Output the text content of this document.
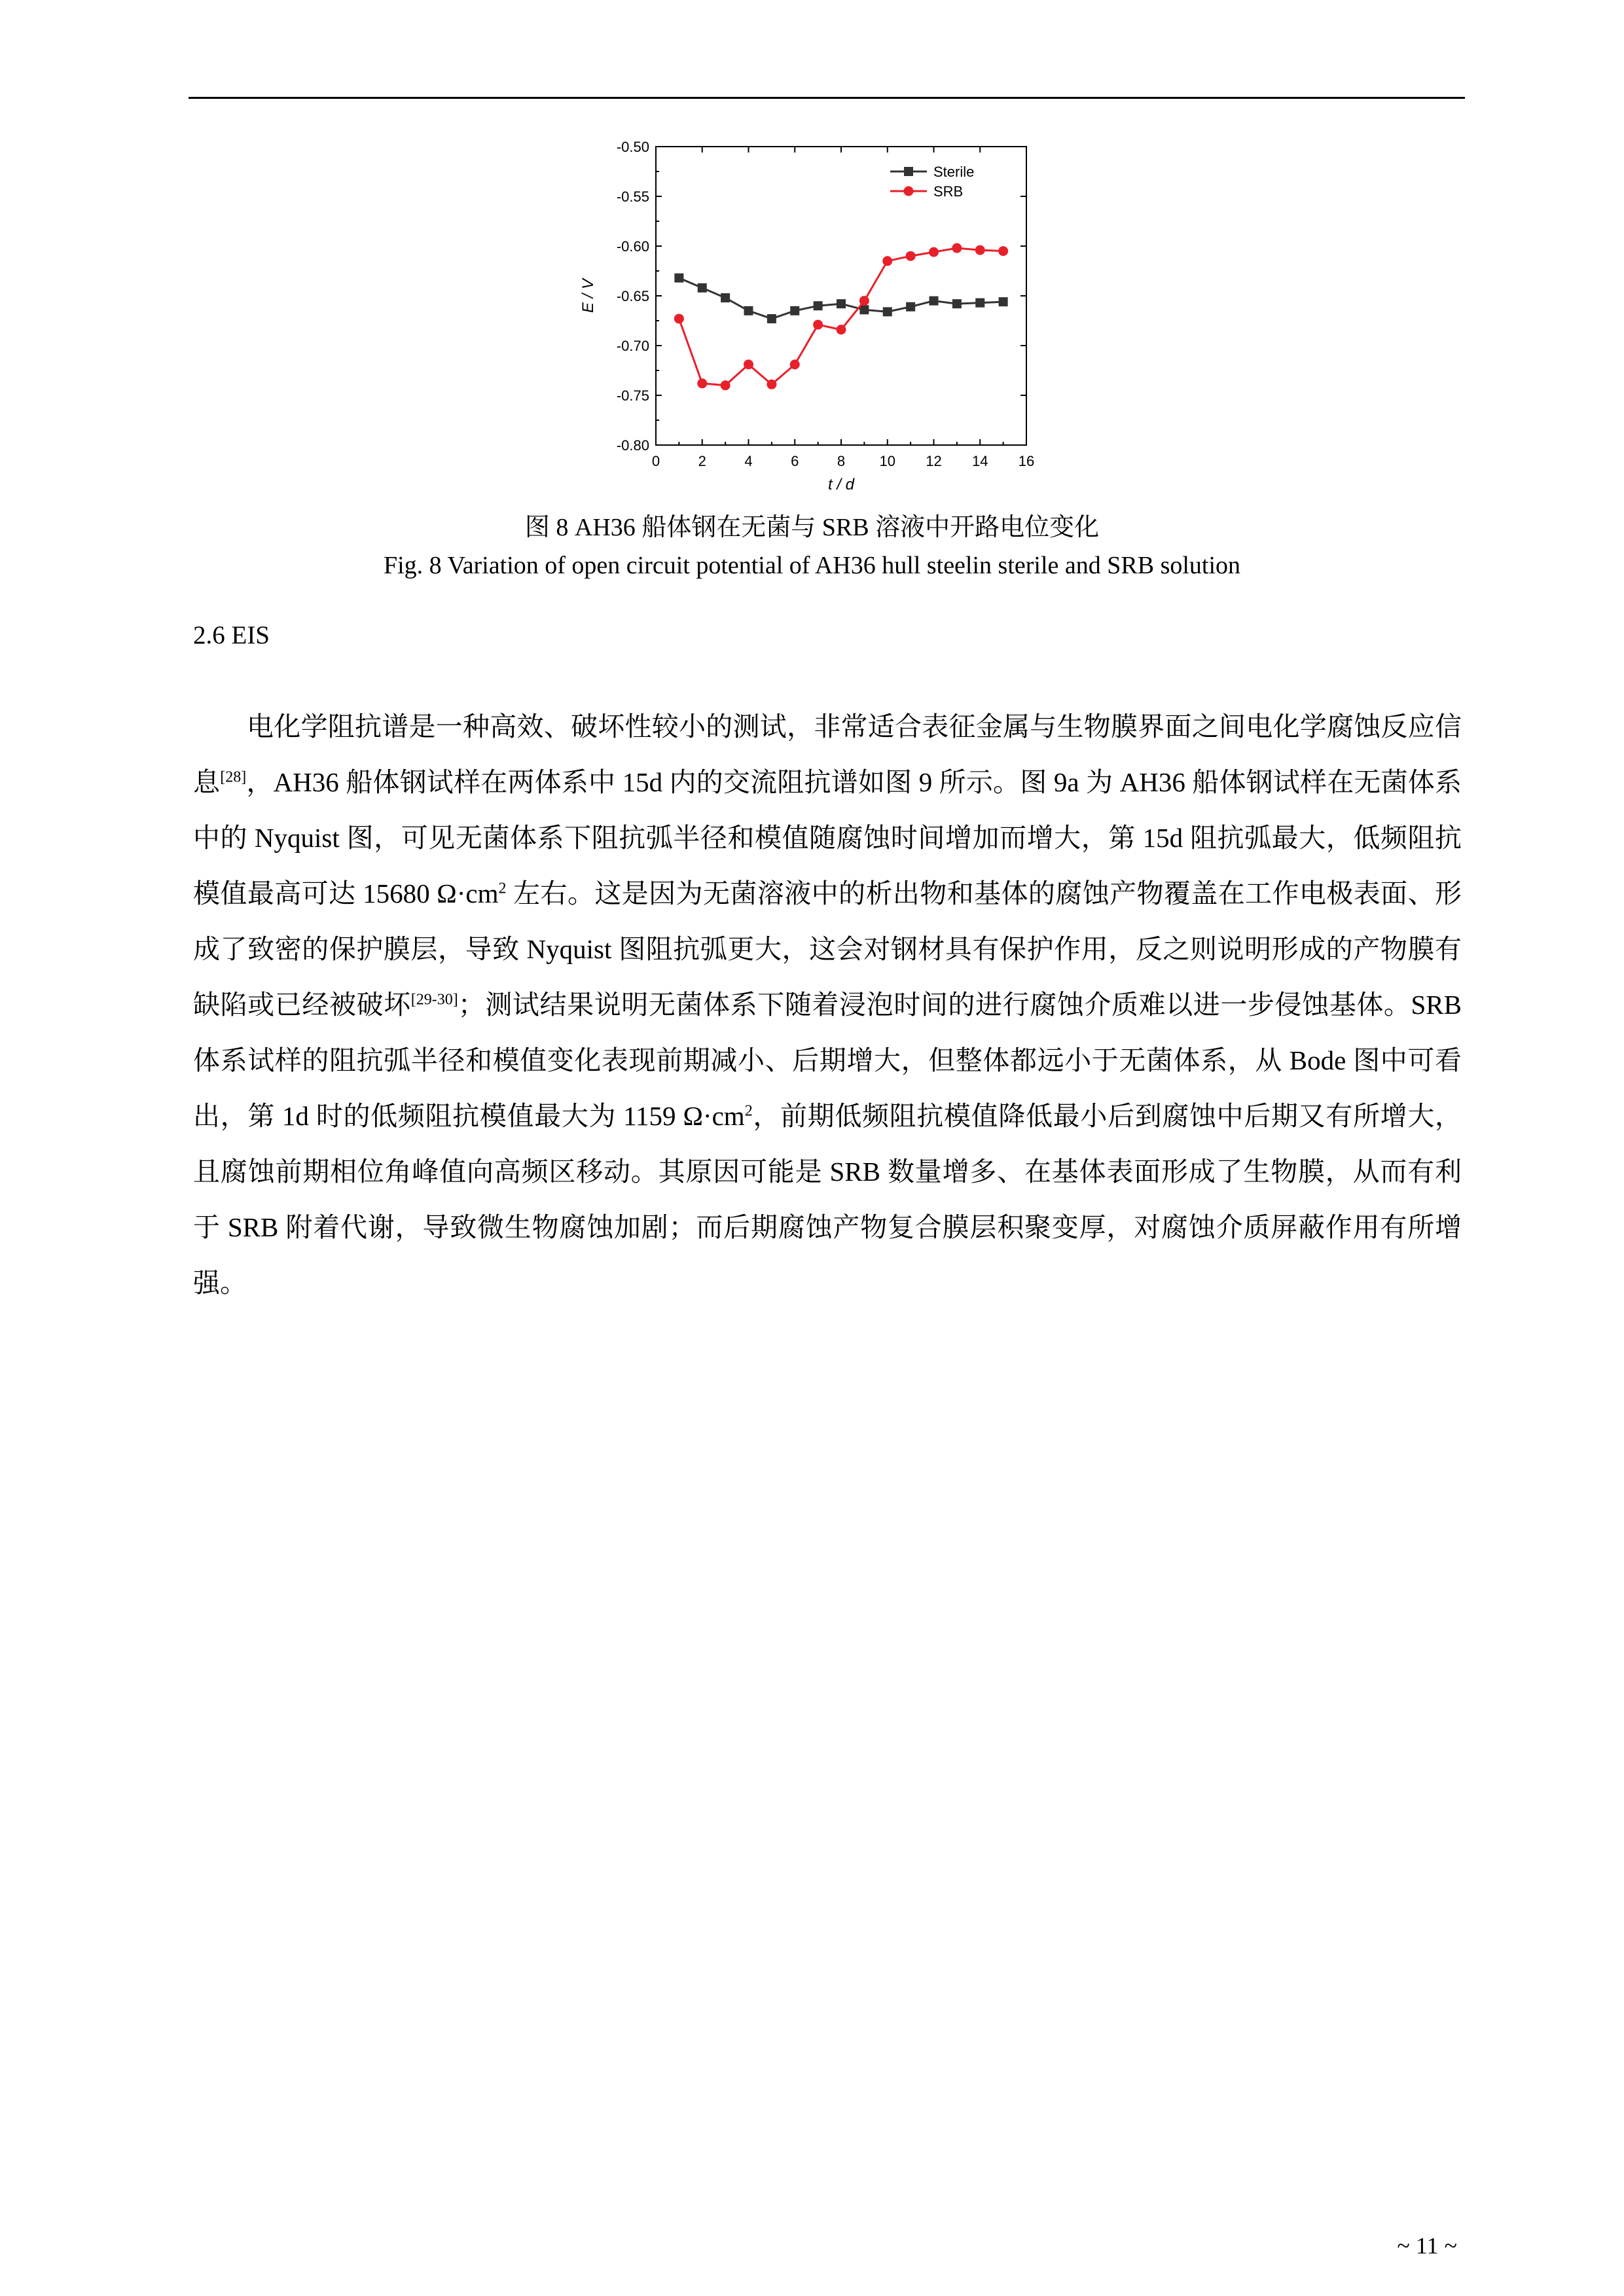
0	2	4	6	8 10 12 14 16
-0.50
-0.55
-0.60
-0.65
-0.70
-0.75
-0.80
t / d
E / V
Sterile
SRB
图 8 AH36 船体钢在无菌与 SRB 溶液中开路电位变化
Fig. 8 Variation of open circuit potential of AH36 hull steelin sterile and SRB solution
2.6 EIS

电化学阻抗谱是一种高效、破坏性较小的测试，非常适合表征金属与生物膜界面之间电化学腐蚀反应信息[28]，AH36 船体钢试样在两体系中 15d 内的交流阻抗谱如图 9 所示。图 9a 为 AH36 船体钢试样在无菌体系中的 Nyquist 图，可见无菌体系下阻抗弧半径和模值随腐蚀时间增加而增大，第 15d 阻抗弧最大，低频阻抗模值最高可达 15680 $\Omega\cdot cm^2$ 左右。这是因为无菌溶液中的析出物和基体的腐蚀产物覆盖在工作电极表面、形成了致密的保护膜层，导致 Nyquist 图阻抗弧更大，这会对钢材具有保护作用，反之则说明形成的产物膜有缺陷或已经被破坏[29-30]；测试结果说明无菌体系下随着浸泡时间的进行腐蚀介质难以进一步侵蚀基体。SRB 体系试样的阻抗弧半径和模值变化表现前期减小、后期增大，但整体都远小于无菌体系，从 Bode 图中可看出，第 1d 时的低频阻抗模值最大为 1159 $\Omega\cdot cm^2$，前期低频阻抗模值降低最小后到腐蚀中后期又有所增大，且腐蚀前期相位角峰值向高频区移动。其原因可能是 SRB 数量增多、在基体表面形成了生物膜，从而有利于 SRB 附着代谢，导致微生物腐蚀加剧；而后期腐蚀产物复合膜层积聚变厚，对腐蚀介质屏蔽作用有所增强。

~ 11 ~
